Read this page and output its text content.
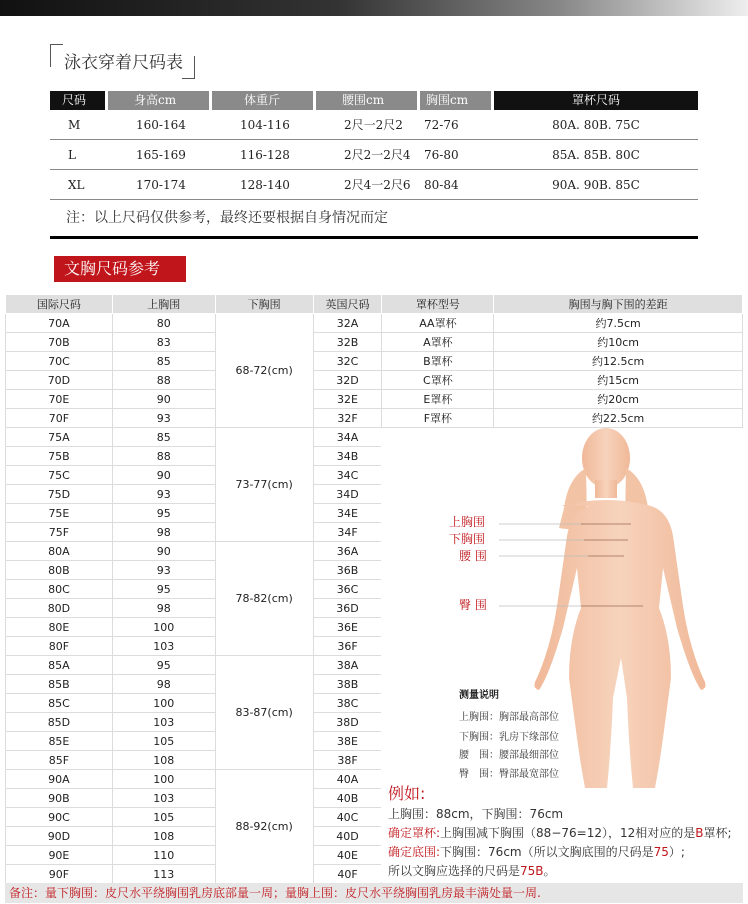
泳衣穿着尺码表
尺码	身高cm	体重斤	腰围cm	胸围cm	罩杯尺码

M	160-164	104-116	2尺一2尺2	72-76	80A. 80B. 75C
L	165-169	116-128	2尺2一2尺4	76-80	85A. 85B. 80C
XL	170-174	128-140	2尺4一2尺6	80-84	90A. 90B. 85C
注：以上尺码仅供参考，最终还要根据自身情况而定
文胸尺码参考
国际尺码	上胸围	下胸围	英国尺码	罩杯型号	胸围与胸下围的差距
70A	80	68-72(cm)	32A	AA罩杯	约7.5cm
70B	83		32B	A罩杯	约10cm
70C	85		32C	B罩杯	约12.5cm
70D	88		32D	C罩杯	约15cm
70E	90		32E	E罩杯	约20cm
70F	93		32F	F罩杯	约22.5cm
75A	85	73-77(cm)	34A		
75B	88		34B		
75C	90		34C		
75D	93		34D		
75E	95		34E		
75F	98		34F		
80A	90	78-82(cm)	36A		
80B	93		36B		
80C	95		36C		
80D	98		36D		
80E	100		36E		
80F	103		36F		
85A	95	83-87(cm)	38A		
85B	98		38B		
85C	100		38C		
85D	103		38D		
85E	105		38E		
85F	108		38F		
90A	100	88-92(cm)	40A		
90B	103		40B		
90C	105		40C		
90D	108		40D		
90E	110		40E		
90F	113		40F		
上胸围
下胸围
腰 围
臀 围
测量说明
上胸围：胸部最高部位
下胸围：乳房下缘部位
腰　围：腰部最细部位
臀　围：臀部最宽部位
例如:
上胸围：88cm，下胸围：76cm
确定罩杯:上胸围减下胸围（88−76=12），12相对应的是B罩杯;
确定底围:下胸围：76cm（所以文胸底围的尺码是75）;
所以文胸应选择的尺码是75B。
备注：量下胸围：皮尺水平绕胸围乳房底部量一周；量胸上围：皮尺水平绕胸围乳房最丰满处量一周.
